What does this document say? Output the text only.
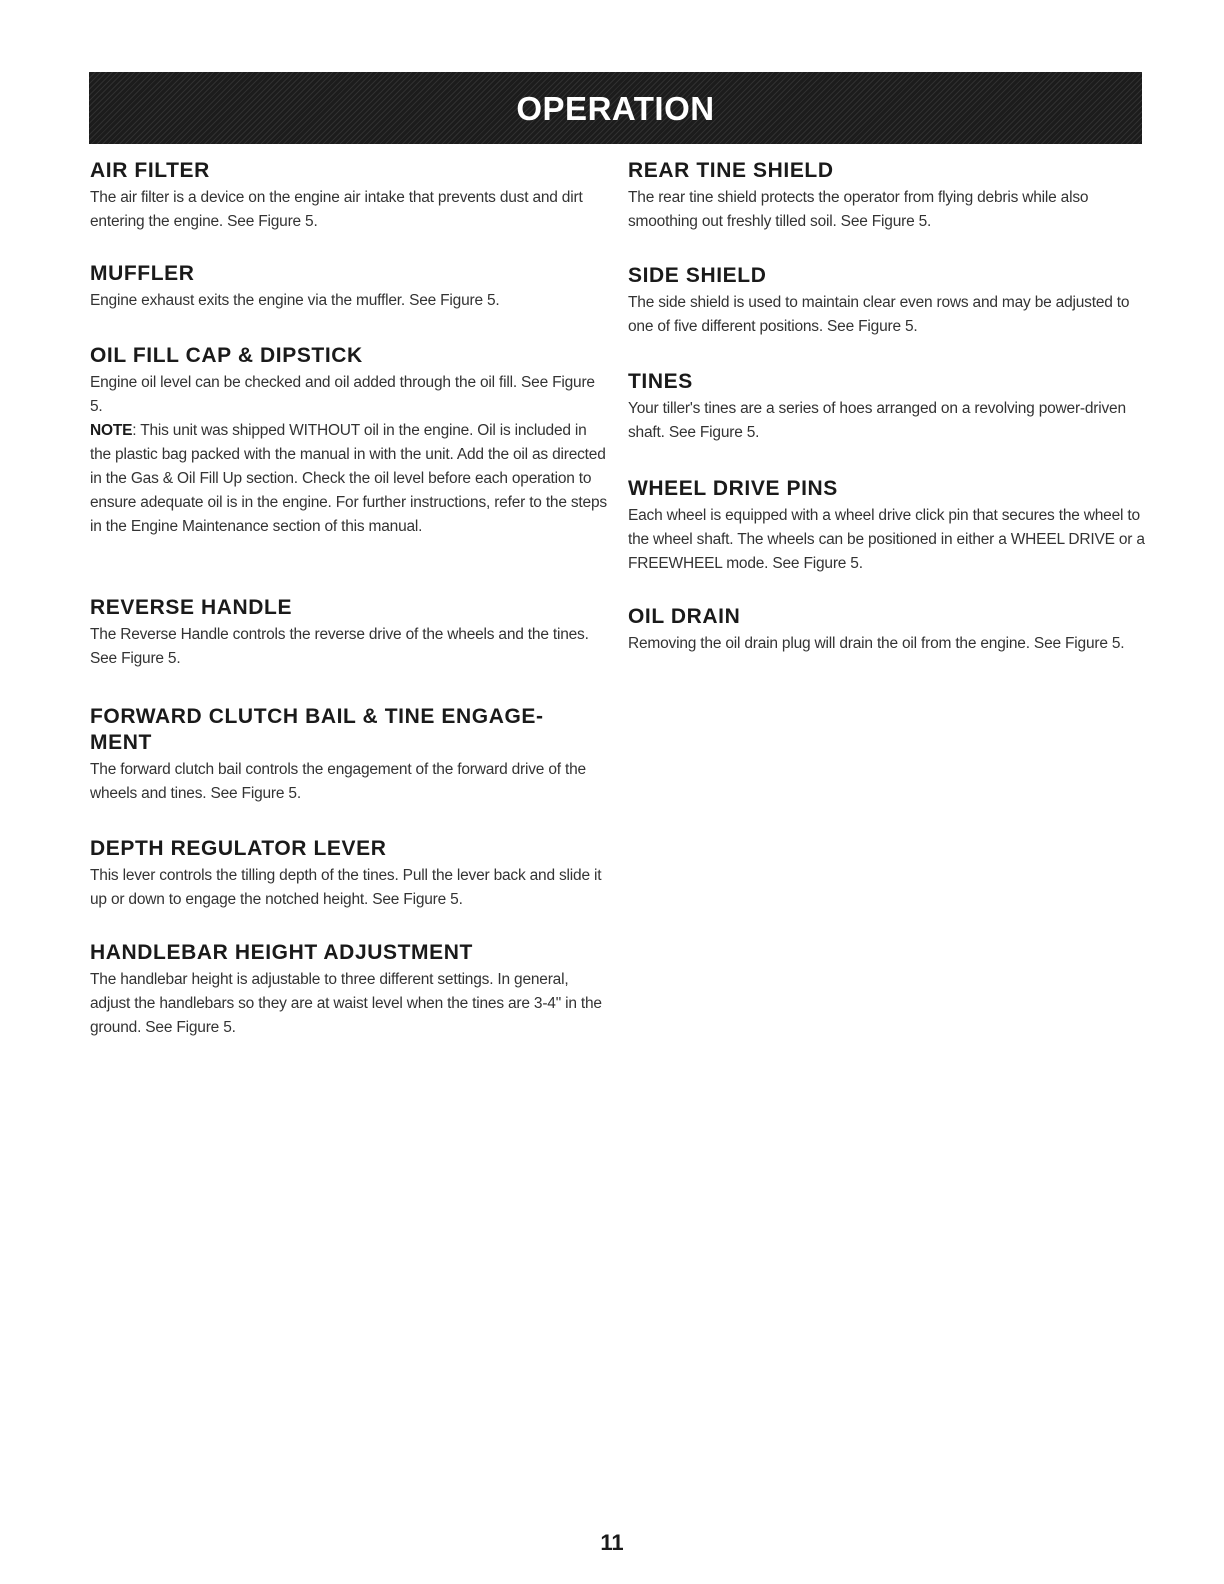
OPERATION
AIR FILTER

The air filter is a device on the engine air intake that prevents dust and dirt entering the engine. See Figure 5.

MUFFLER

Engine exhaust exits the engine via the muffler. See Figure 5.

OIL FILL CAP & DIPSTICK

Engine oil level can be checked and oil added through the oil fill. See Figure 5.

NOTE: This unit was shipped WITHOUT oil in the engine. Oil is included in the plastic bag packed with the manual in with the unit. Add the oil as directed in the Gas & Oil Fill Up section. Check the oil level before each operation to ensure adequate oil is in the engine. For further instructions, refer to the steps in the Engine Maintenance section of this manual.

REVERSE HANDLE

The Reverse Handle controls the reverse drive of the wheels and the tines. See Figure 5.

FORWARD CLUTCH BAIL & TINE ENGAGE-
MENT

The forward clutch bail controls the engagement of the forward drive of the wheels and tines. See Figure 5.

DEPTH REGULATOR LEVER

This lever controls the tilling depth of the tines. Pull the lever back and slide it up or down to engage the notched height. See Figure 5.

HANDLEBAR HEIGHT ADJUSTMENT

The handlebar height is adjustable to three different settings. In general, adjust the handlebars so they are at waist level when the tines are 3-4" in the ground. See Figure 5.

REAR TINE SHIELD

The rear tine shield protects the operator from flying debris while also smoothing out freshly tilled soil. See Figure 5.

SIDE SHIELD

The side shield is used to maintain clear even rows and may be adjusted to one of five different positions. See Figure 5.

TINES

Your tiller's tines are a series of hoes arranged on a revolving power-driven shaft. See Figure 5.

WHEEL DRIVE PINS

Each wheel is equipped with a wheel drive click pin that secures the wheel to the wheel shaft. The wheels can be positioned in either a WHEEL DRIVE or a FREEWHEEL mode. See Figure 5.

OIL DRAIN

Removing the oil drain plug will drain the oil from the engine. See Figure 5.

11
